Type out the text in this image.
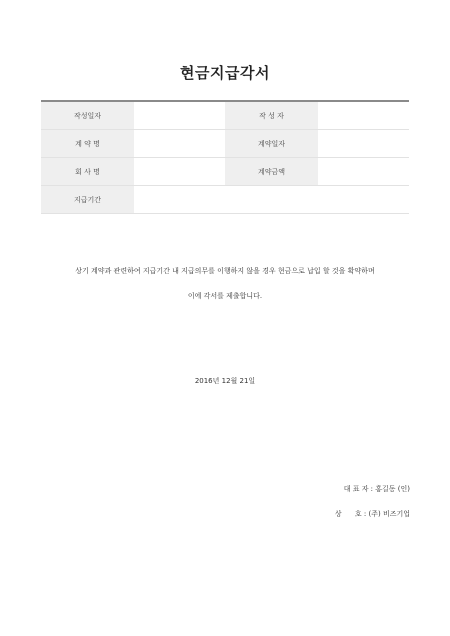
현금지급각서
작성일자		작 성 자	
계 약 명		계약일자	
회 사 명		계약금액	
지급기간			
상기 계약과 관련하여 지급기간 내 지급의무를 이행하지 않을 경우 현금으로 납입 할 것을 확약하며
이에 각서를 제출합니다.
2016년 12월 21일
대 표 자 : 홍길동 (인)
상      호 : (주) 비즈기업
